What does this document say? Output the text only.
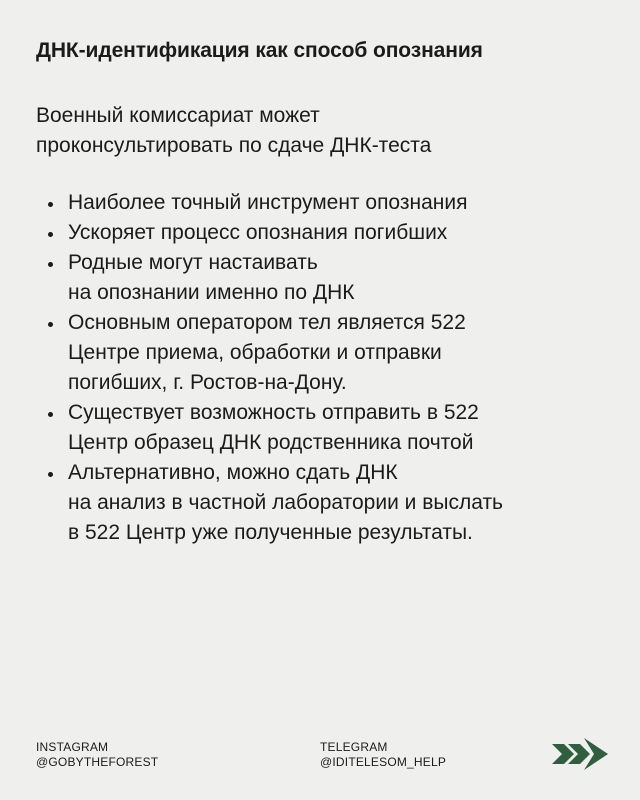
ДНК-идентификация как способ опознания
Военный комиссариат может
проконсультировать по сдаче ДНК-теста
Наиболее точный инструмент опознания
Ускоряет процесс опознания погибших
Родные могут настаивать
на опознании именно по ДНК
Основным оператором тел является 522
Центре приема, обработки и отправки
погибших, г. Ростов-на-Дону.
Существует возможность отправить в 522
Центр образец ДНК родственника почтой
Альтернативно, можно сдать ДНК
на анализ в частной лаборатории и выслать
в 522 Центр уже полученные результаты.
INSTAGRAM
@GOBYTHEFOREST
TELEGRAM
@IDITELESOM_HELP
